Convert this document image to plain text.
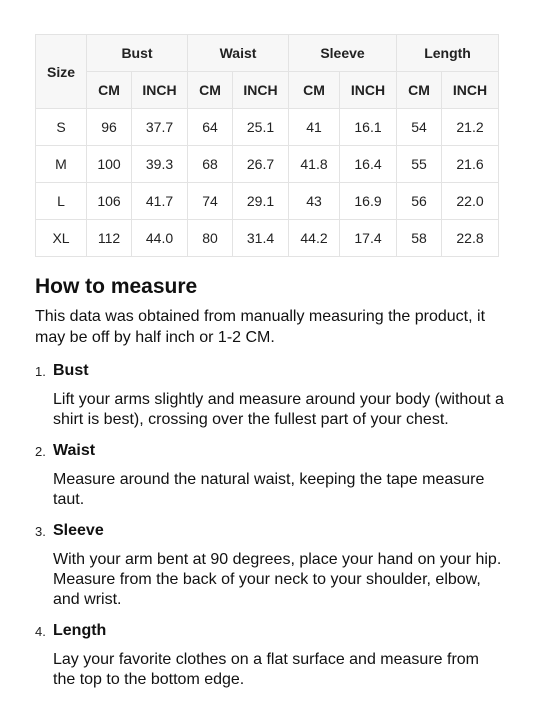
Size	Bust		Waist		Sleeve		Length	
	CM	INCH	CM	INCH	CM	INCH	CM	INCH
S	96	37.7	64	25.1	41	16.1	54	21.2
M	100	39.3	68	26.7	41.8	16.4	55	21.6
L	106	41.7	74	29.1	43	16.9	56	22.0
XL	112	44.0	80	31.4	44.2	17.4	58	22.8
How to measure

This data was obtained from manually measuring the product, it may be off by half inch or 1-2 CM.

1. Bust
Lift your arms slightly and measure around your body (without a shirt is best), crossing over the fullest part of your chest.
2. Waist
Measure around the natural waist, keeping the tape measure taut.
3. Sleeve
With your arm bent at 90 degrees, place your hand on your hip. Measure from the back of your neck to your shoulder, elbow, and wrist.
4. Length
Lay your favorite clothes on a flat surface and measure from the top to the bottom edge.
